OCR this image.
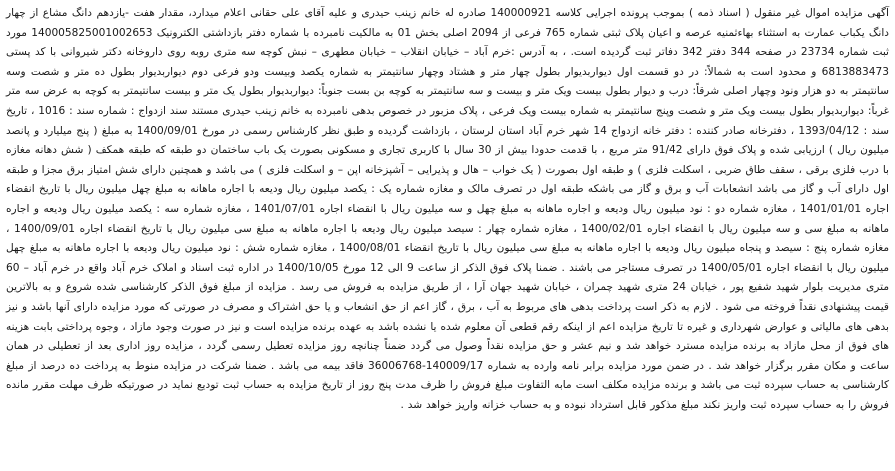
آگهی مزایده اموال غیر منقول ( اسناد ذمه ) بموجب پرونده اجرایی کلاسه 140000921 صادره له خانم زینب حیدری و علیه آقای علی حقانی اعلام میدارد، مقدار هفت -یازدهم دانگ مشاع از چهار دانگ یکباب عمارت به استثناء بهاءثمنیه عرصه و اعیان پلاک ثبتی شماره 765 فرعی از 2094 اصلی بخش 01 به مالکیت نامبرده با شماره دفتر بازداشتی الکترونیک 140005825001002653 مورد ثبت شماره 23734 در صفحه 344 دفتر 342 دفاتر ثبت گردیده است. ، به آدرس :خرم آباد – خیابان انقلاب – خیابان مطهری – نبش کوچه سه متری روبه روی داروخانه دکتر شیروانی با کد پستی 6813883473 و محدود است به شمالاً: در دو قسمت اول دیواربدیوار بطول چهار متر و هشتاد وچهار سانتیمتر به شماره یکصد وبیست ودو فرعی دوم دیواربدیوار بطول ده متر و شصت وسه سانتیمتر به دو هزار ونود وچهار اصلی شرقاً: درب و دیوار بطول بیست ویک متر و بیست و سه سانتیمتر به کوچه بن بست جنوباً: دیواربدیوار بطول یک متر و بیست سانتیمتر به کوچه به عرض سه متر غرباً: دیواربدیوار بطول بیست ویک متر و شصت وپنج سانتیمتر به شماره بیست ویک فرعی ، پلاک مزبور در خصوص بدهی نامبرده به خانم زینب حیدری مستند سند ازدواج : شماره سند : 1016 ، تاریخ سند : 1393/04/12 ، دفترخانه صادر کننده : دفتر خانه ازدواج 14 شهر خرم آباد استان لرستان ، بازداشت گردیده و طبق نظر کارشناس رسمی در مورخ 1400/09/01 به مبلغ ( پنج میلیارد و پانصد میلیون ریال ) ارزیابی شده و پلاک فوق دارای 91/42 متر مربع ، با قدمت حدودا بیش از 30 سال با کاربری تجاری و مسکونی بصورت یک باب ساختمان دو طبقه که طبقه همکف ( شش دهانه مغازه با درب فلزی برقی ، سقف طاق ضربی ، اسکلت فلزی ) و طبقه اول بصورت ( یک خواب – هال و پذیرایی – آشپزخانه اپن – و اسکلت فلزی ) می باشد و همچنین دارای شش امتیاز برق مجزا و طبقه اول دارای آب و گاز می باشد انشعابات آب و برق و گاز می باشکه طبقه اول در تصرف مالک و مغازه شماره یک : یکصد میلیون ریال ودیعه با اجاره ماهانه به مبلغ چهل میلیون ریال با تاریخ انقضاء اجاره 1401/01/01 ، مغازه شماره دو : نود میلیون ریال ودیعه و اجاره ماهانه به مبلغ چهل و سه میلیون ریال با انقضاء اجاره 1401/07/01 ، مغازه شماره سه : یکصد میلیون ریال ودیعه و اجاره ماهانه به مبلغ سی و سه میلیون ریال با انقضاء اجاره 1400/02/01 ، مغازه شماره چهار : سیصد میلیون ریال ودیعه با اجاره ماهانه به مبلغ سی میلیون ریال با تاریخ انقضاء اجاره 1400/09/01 ، مغازه شماره پنج : سیصد و پنجاه میلیون ریال ودیعه با اجاره ماهانه به مبلغ سی میلیون ریال با تاریخ انقضاء 1400/08/01 ، مغازه شماره شش : نود میلیون ریال ودیعه با اجاره ماهانه به مبلغ چهل میلیون ریال با انقضاء اجاره 1400/05/01 در تصرف مستاجر می باشند . ضمنا پلاک فوق الذکر از ساعت 9 الی 12 مورخ 1400/10/05 در اداره ثبت اسناد و املاک خرم آباد واقع در خرم آباد – 60 متری مدیریت بلوار شهید شفیع پور ، خیابان 24 متری شهید چمران ، خیابان شهید جهان آرا ، از طریق مزایده به فروش می رسد . مزایده از مبلغ فوق الذکر کارشناسی شده شروع و به بالاترین قیمت پیشنهادی نقداً فروخته می شود . لازم به ذکر است پرداخت بدهی های مربوط به آب ، برق ، گاز اعم از حق انشعاب و یا حق اشتراک و مصرف در صورتی که مورد مزایده دارای آنها باشد و نیز بدهی های مالیاتی و عوارض شهرداری و غیره تا تاریخ مزایده اعم از اینکه رقم قطعی آن معلوم شده یا نشده باشد به عهده برنده مزایده است و نیز در صورت وجود مازاد ، وجوه پرداختی بابت هزینه های فوق از محل مازاد به برنده مزایده مسترد خواهد شد و نیم عشر و حق مزایده نقداً وصول می گردد ضمناً چنانچه روز مزایده تعطیل رسمی گردد ، مزایده روز اداری بعد از تعطیلی در همان ساعت و مکان مقرر برگزار خواهد شد . در ضمن مورد مزایده برابر نامه وارده به شماره 140009/17-36006768 فاقد بیمه می باشد . ضمنا شرکت در مزایده منوط به پرداخت ده درصد از مبلغ کارشناسی به حساب سپرده ثبت می باشد و برنده مزایده مکلف است مابه التفاوت مبلغ فروش را ظرف مدت پنج روز از تاریخ مزایده به حساب ثبت تودیع نماید در صورتیکه ظرف مهلت مقرر مانده فروش را به حساب سپرده ثبت واریز نکند مبلغ مذکور قابل استرداد نبوده و به حساب خزانه واریز خواهد شد .
